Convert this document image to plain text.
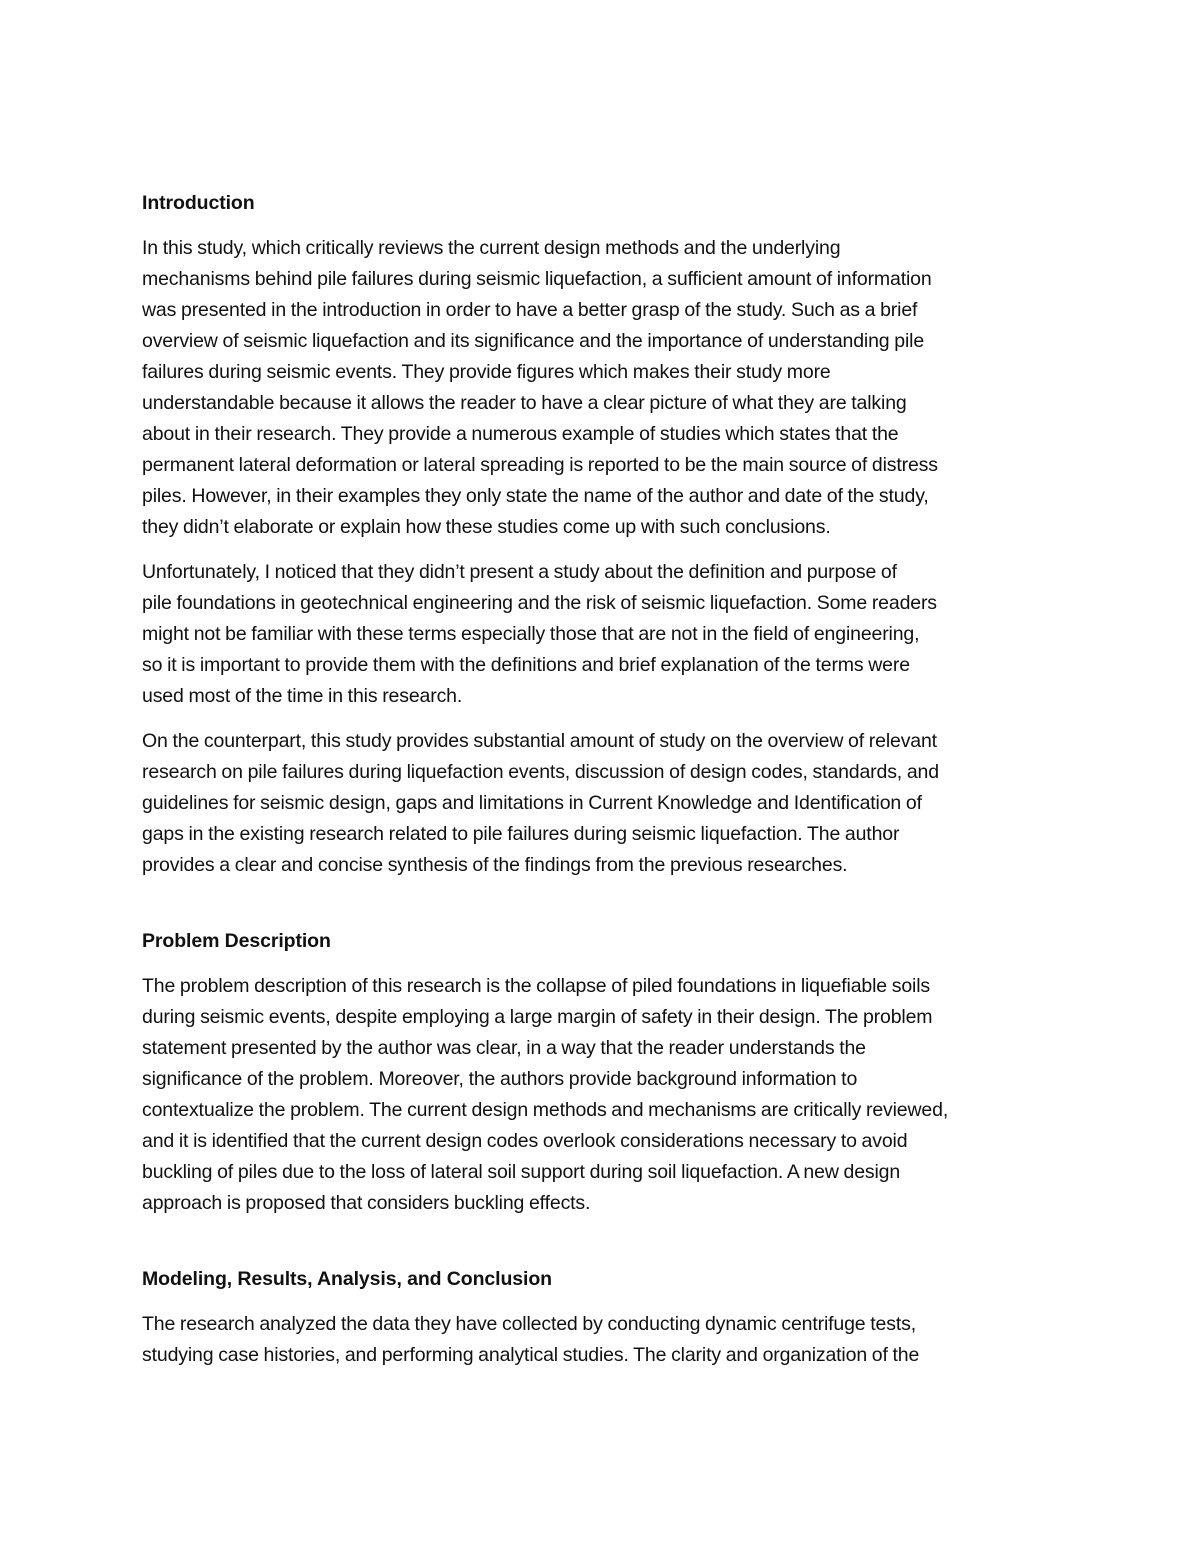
Introduction
In this study, which critically reviews the current design methods and the underlying
mechanisms behind pile failures during seismic liquefaction, a sufficient amount of information
was presented in the introduction in order to have a better grasp of the study. Such as a brief
overview of seismic liquefaction and its significance and the importance of understanding pile
failures during seismic events. They provide figures which makes their study more
understandable because it allows the reader to have a clear picture of what they are talking
about in their research. They provide a numerous example of studies which states that the
permanent lateral deformation or lateral spreading is reported to be the main source of distress
piles. However, in their examples they only state the name of the author and date of the study,
they didn’t elaborate or explain how these studies come up with such conclusions.
Unfortunately, I noticed that they didn’t present a study about the definition and purpose of
pile foundations in geotechnical engineering and the risk of seismic liquefaction. Some readers
might not be familiar with these terms especially those that are not in the field of engineering,
so it is important to provide them with the definitions and brief explanation of the terms were
used most of the time in this research.
On the counterpart, this study provides substantial amount of study on the overview of relevant
research on pile failures during liquefaction events, discussion of design codes, standards, and
guidelines for seismic design, gaps and limitations in Current Knowledge and Identification of
gaps in the existing research related to pile failures during seismic liquefaction. The author
provides a clear and concise synthesis of the findings from the previous researches.
Problem Description
The problem description of this research is the collapse of piled foundations in liquefiable soils
during seismic events, despite employing a large margin of safety in their design. The problem
statement presented by the author was clear, in a way that the reader understands the
significance of the problem. Moreover, the authors provide background information to
contextualize the problem. The current design methods and mechanisms are critically reviewed,
and it is identified that the current design codes overlook considerations necessary to avoid
buckling of piles due to the loss of lateral soil support during soil liquefaction. A new design
approach is proposed that considers buckling effects.
Modeling, Results, Analysis, and Conclusion
The research analyzed the data they have collected by conducting dynamic centrifuge tests,
studying case histories, and performing analytical studies. The clarity and organization of the
